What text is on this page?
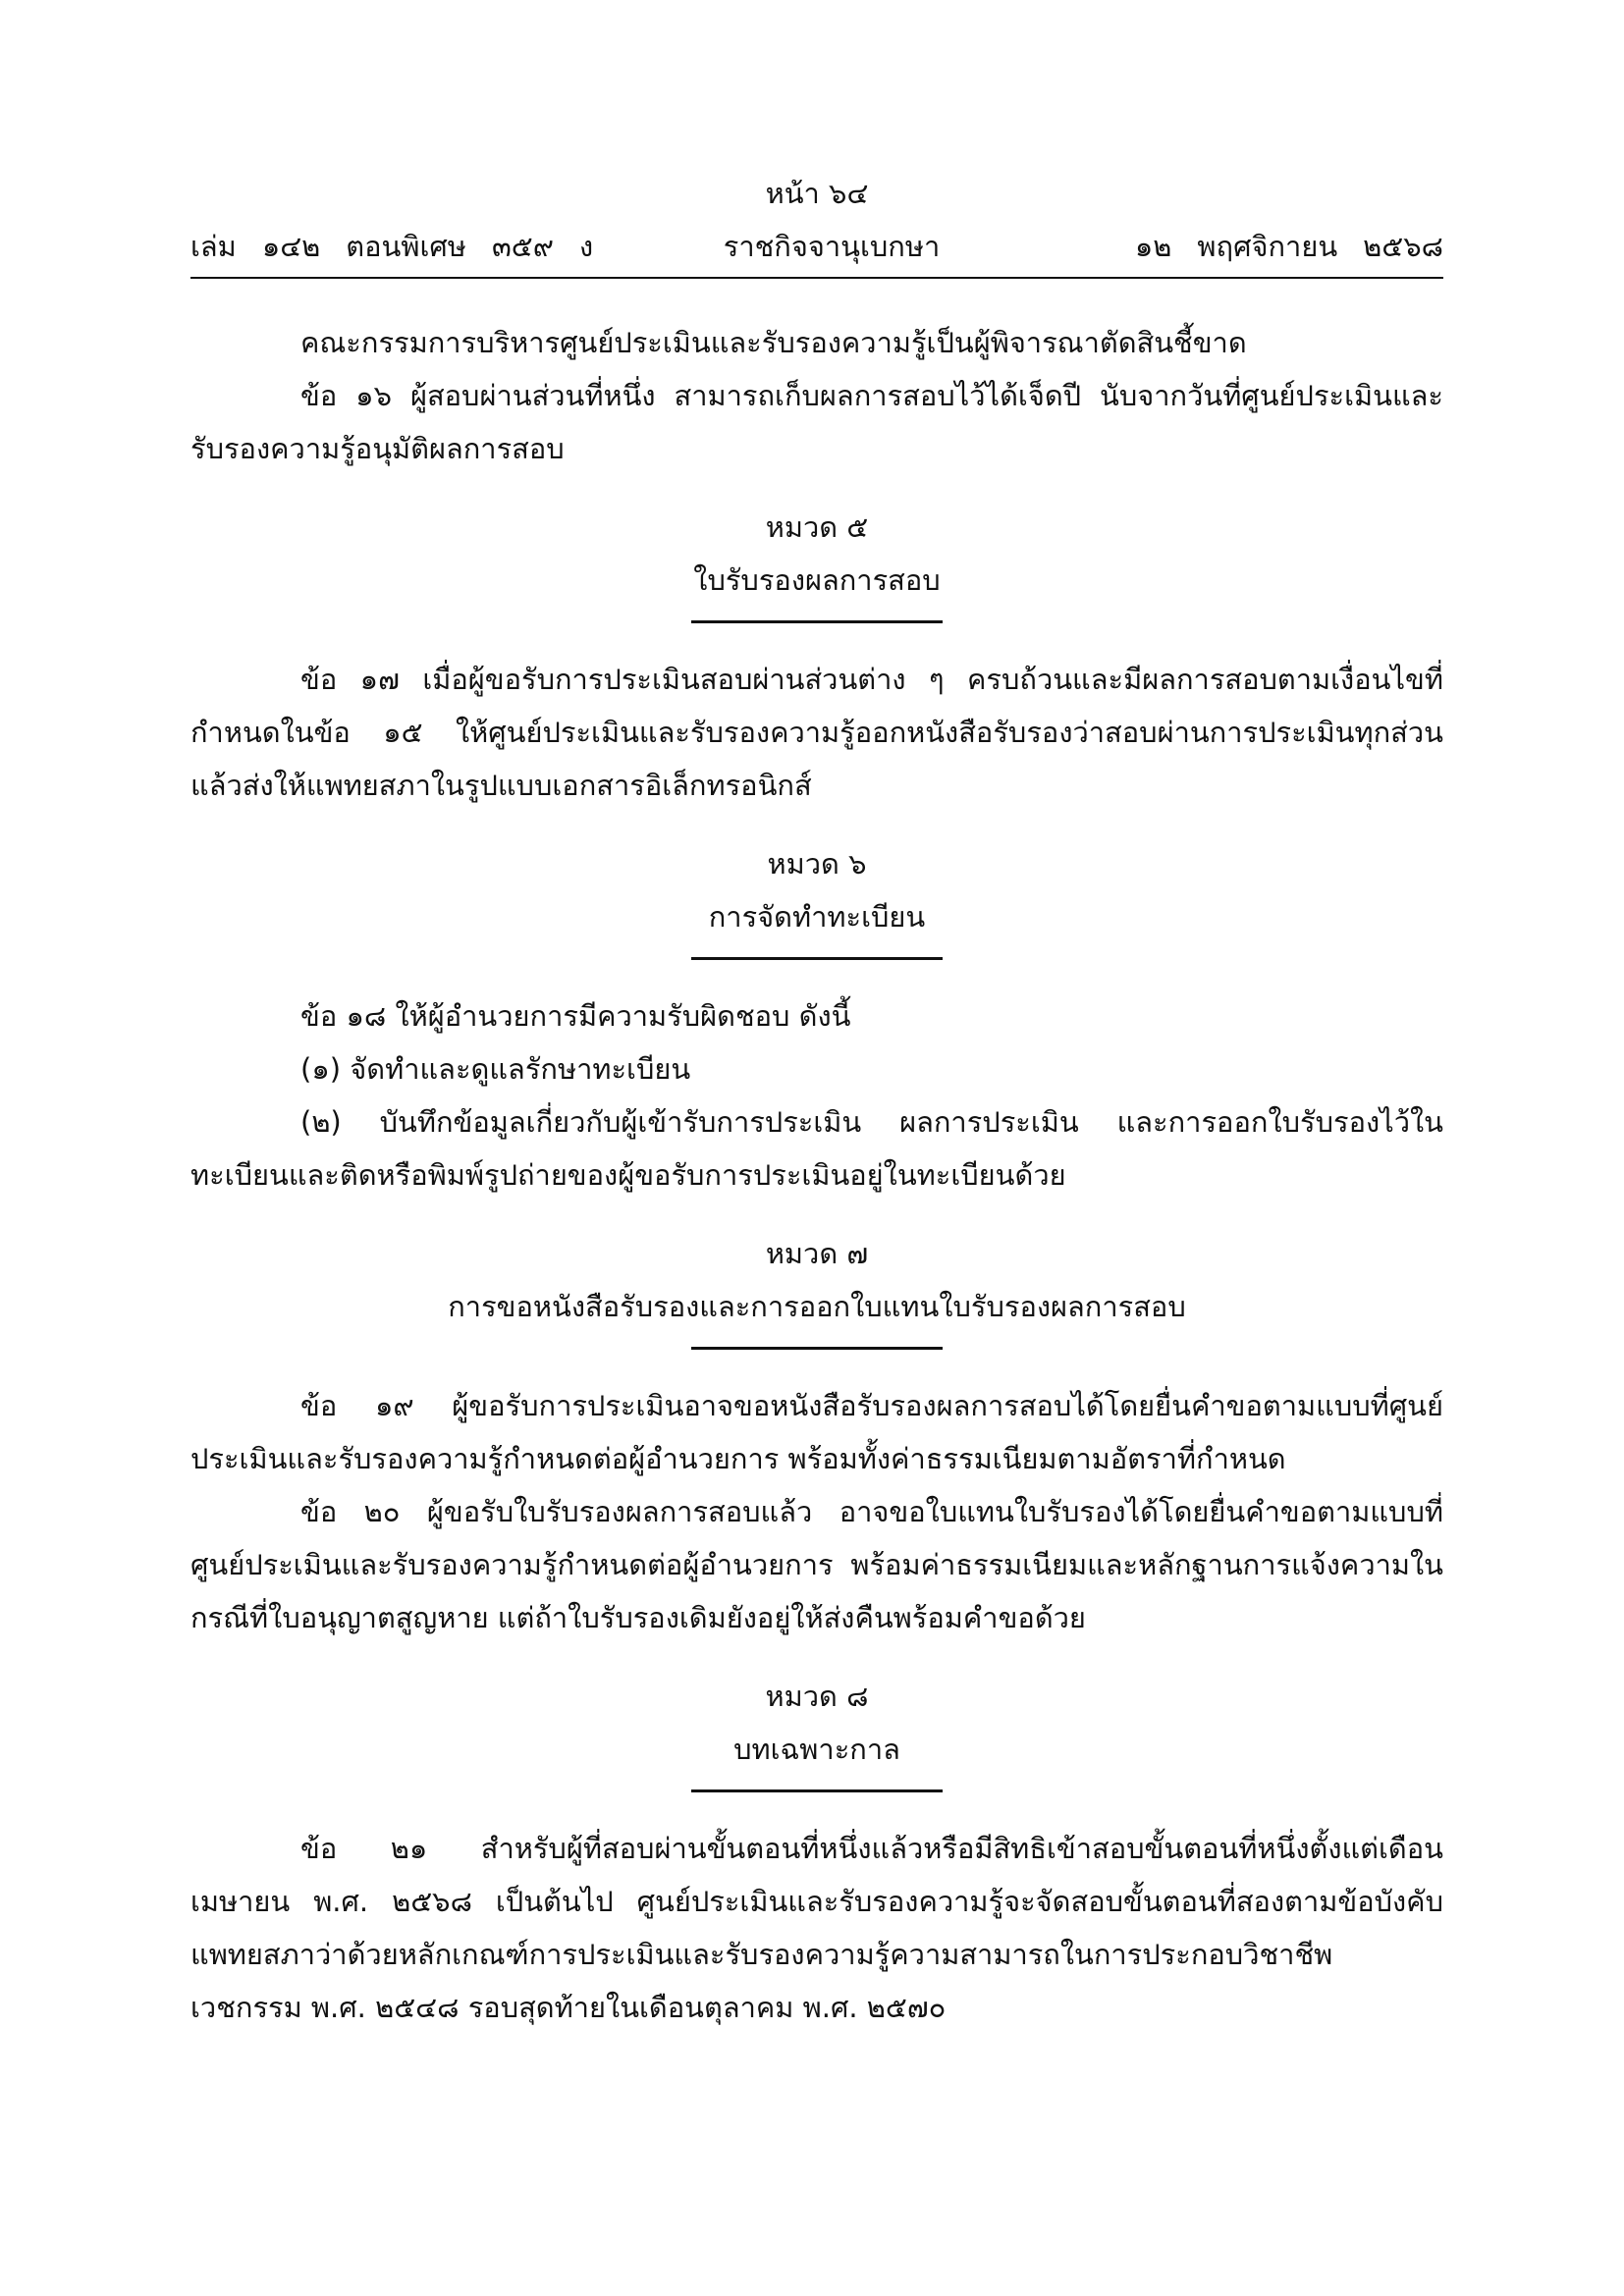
หน้า ๖๔
เล่ม ๑๔๒ ตอนพิเศษ ๓๕๙ ง	ราชกิจจานุเบกษา	๑๒ พฤศจิกายน ๒๕๖๘

คณะกรรมการบริหารศูนย์ประเมินและรับรองความรู้เป็นผู้พิจารณาตัดสินชี้ขาด

ข้อ ๑๖ ผู้สอบผ่านส่วนที่หนึ่ง สามารถเก็บผลการสอบไว้ได้เจ็ดปี นับจากวันที่ศูนย์ประเมินและรับรองความรู้อนุมัติผลการสอบ

หมวด ๕
ใบรับรองผลการสอบ

ข้อ ๑๗ เมื่อผู้ขอรับการประเมินสอบผ่านส่วนต่าง ๆ ครบถ้วนและมีผลการสอบตามเงื่อนไขที่กำหนดในข้อ ๑๕ ให้ศูนย์ประเมินและรับรองความรู้ออกหนังสือรับรองว่าสอบผ่านการประเมินทุกส่วนแล้วส่งให้แพทยสภาในรูปแบบเอกสารอิเล็กทรอนิกส์

หมวด ๖
การจัดทำทะเบียน

ข้อ ๑๘ ให้ผู้อำนวยการมีความรับผิดชอบ ดังนี้

(๑) จัดทำและดูแลรักษาทะเบียน

(๒) บันทึกข้อมูลเกี่ยวกับผู้เข้ารับการประเมิน ผลการประเมิน และการออกใบรับรองไว้ในทะเบียนและติดหรือพิมพ์รูปถ่ายของผู้ขอรับการประเมินอยู่ในทะเบียนด้วย

หมวด ๗
การขอหนังสือรับรองและการออกใบแทนใบรับรองผลการสอบ

ข้อ ๑๙ ผู้ขอรับการประเมินอาจขอหนังสือรับรองผลการสอบได้โดยยื่นคำขอตามแบบที่ศูนย์ประเมินและรับรองความรู้กำหนดต่อผู้อำนวยการ พร้อมทั้งค่าธรรมเนียมตามอัตราที่กำหนด

ข้อ ๒๐ ผู้ขอรับใบรับรองผลการสอบแล้ว อาจขอใบแทนใบรับรองได้โดยยื่นคำขอตามแบบที่ศูนย์ประเมินและรับรองความรู้กำหนดต่อผู้อำนวยการ พร้อมค่าธรรมเนียมและหลักฐานการแจ้งความในกรณีที่ใบอนุญาตสูญหาย แต่ถ้าใบรับรองเดิมยังอยู่ให้ส่งคืนพร้อมคำขอด้วย

หมวด ๘
บทเฉพาะกาล

ข้อ ๒๑ สำหรับผู้ที่สอบผ่านขั้นตอนที่หนึ่งแล้วหรือมีสิทธิเข้าสอบขั้นตอนที่หนึ่งตั้งแต่เดือนเมษายน พ.ศ. ๒๕๖๘ เป็นต้นไป ศูนย์ประเมินและรับรองความรู้จะจัดสอบขั้นตอนที่สองตามข้อบังคับแพทยสภาว่าด้วยหลักเกณฑ์การประเมินและรับรองความรู้ความสามารถในการประกอบวิชาชีพเวชกรรม พ.ศ. ๒๕๔๘ รอบสุดท้ายในเดือนตุลาคม พ.ศ. ๒๕๗๐
